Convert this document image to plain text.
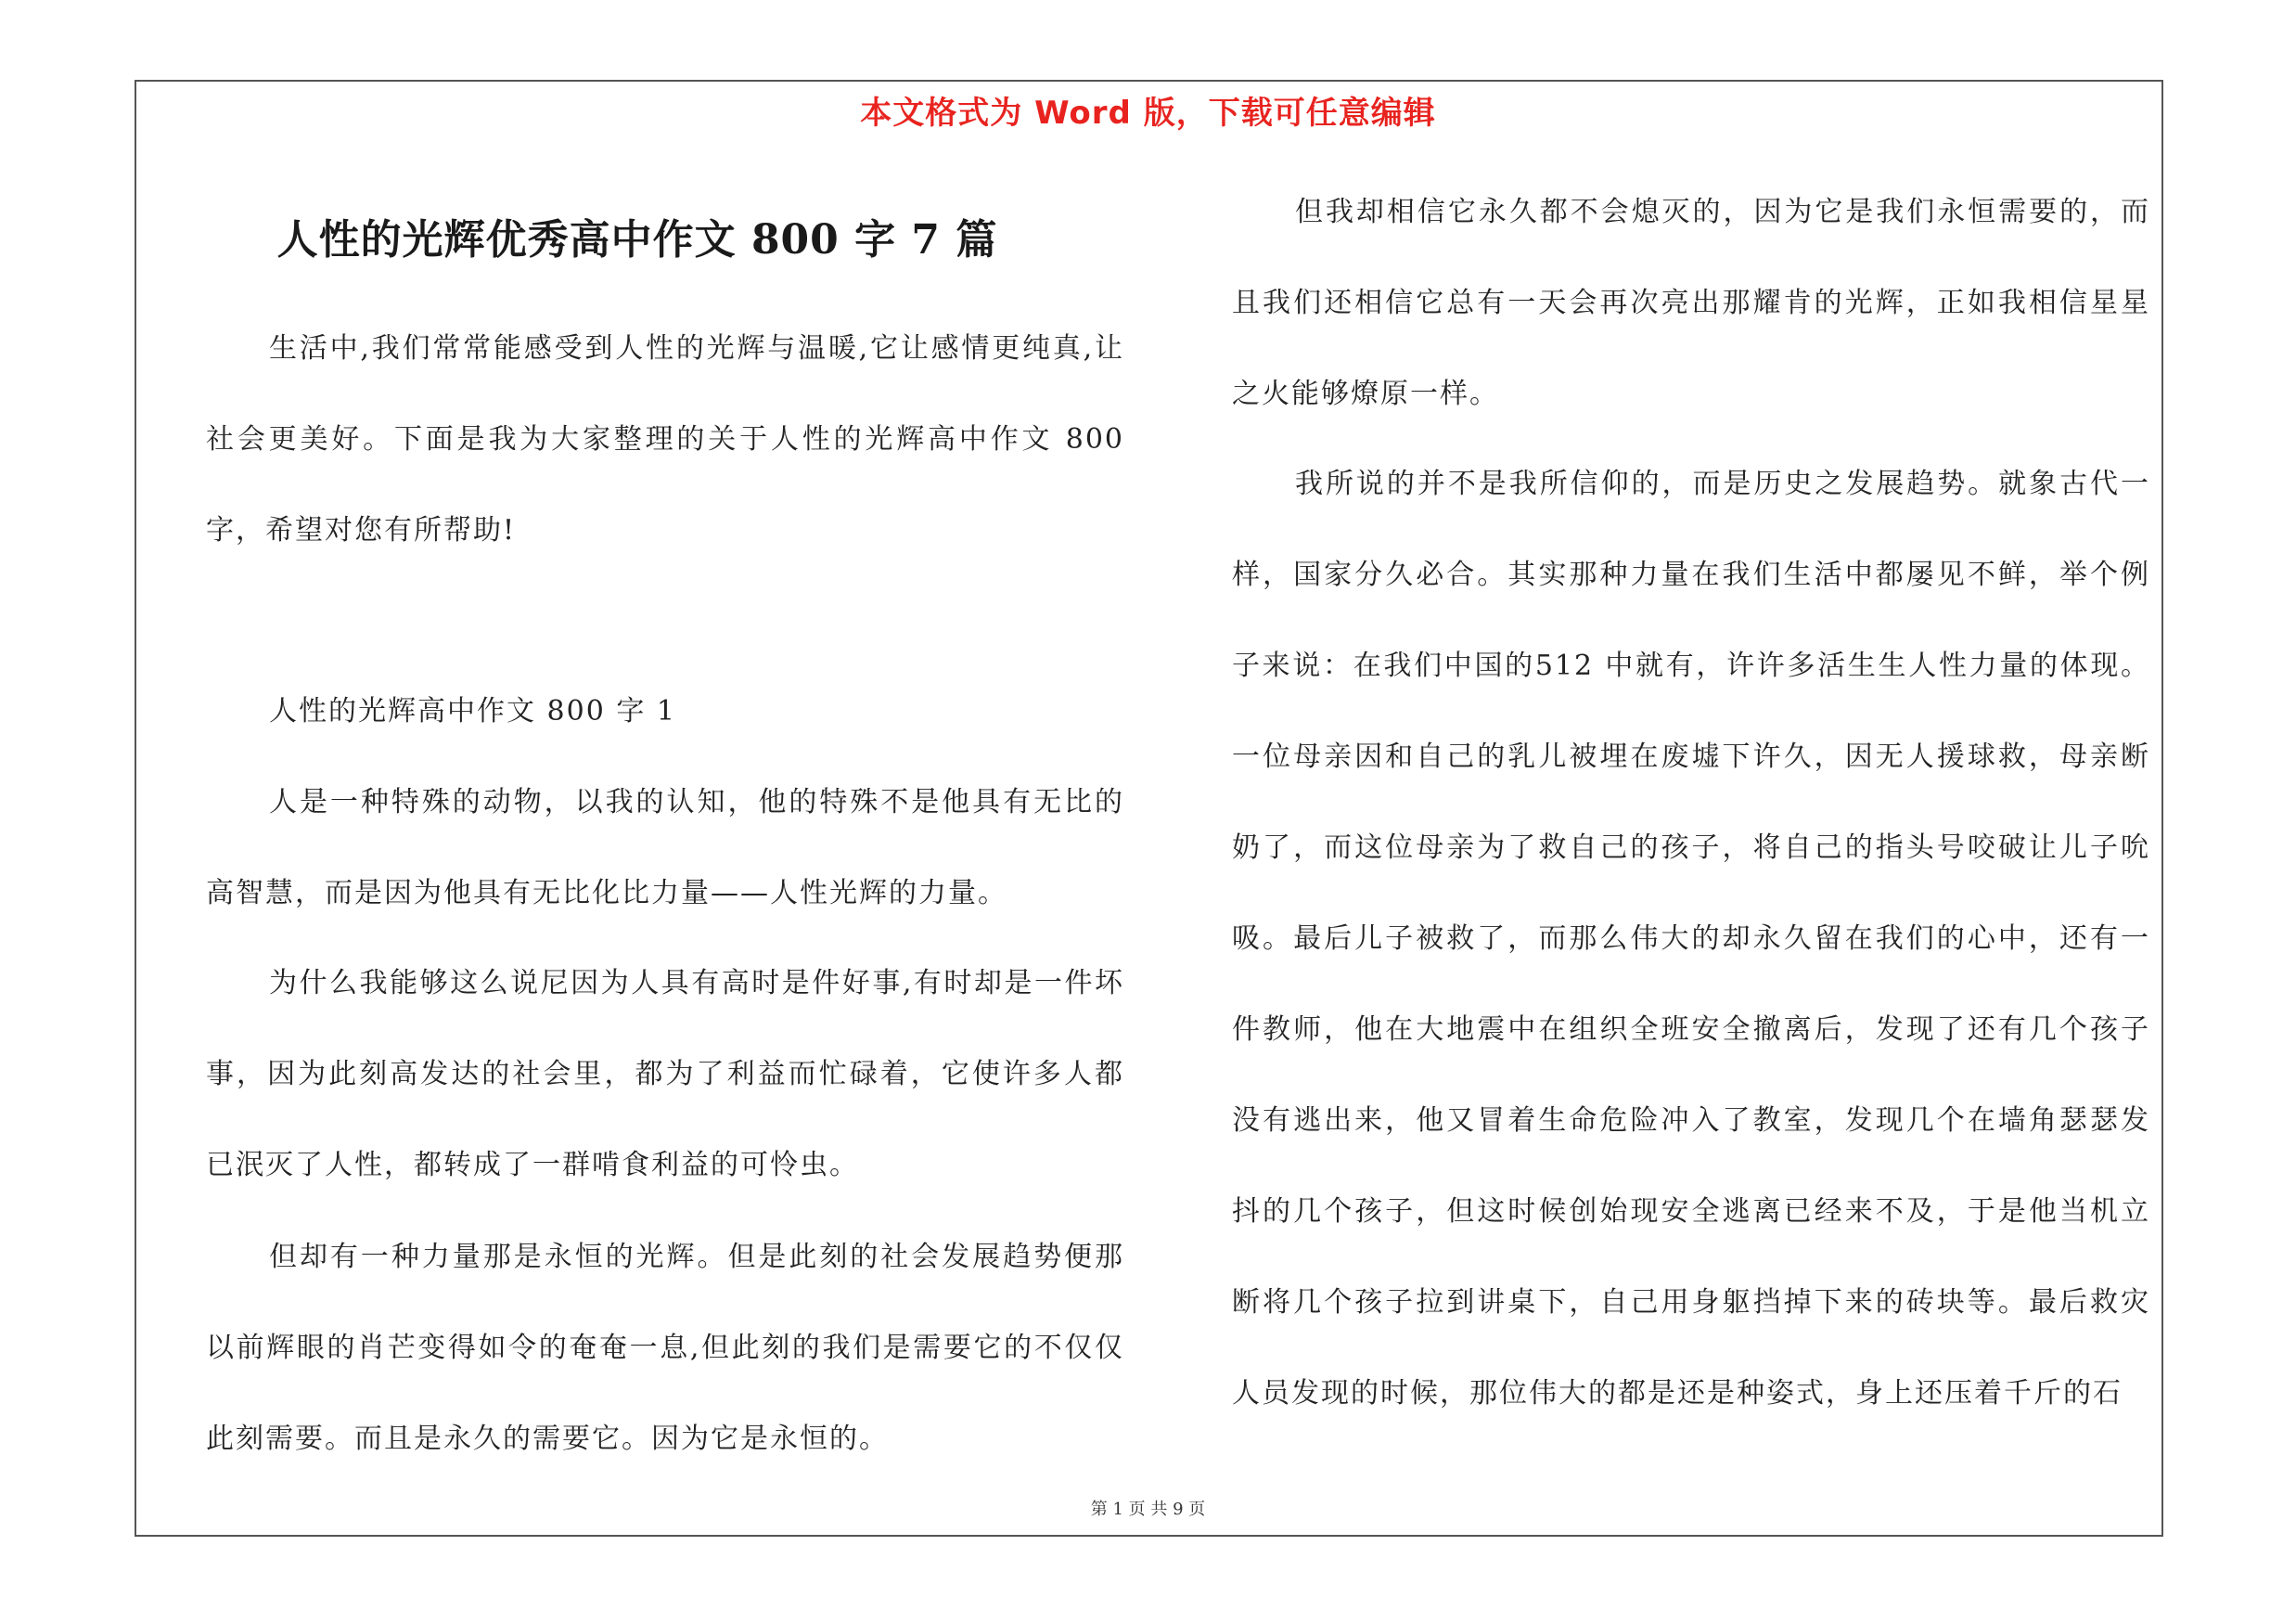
本文格式为 Word 版，下载可任意编辑
人性的光辉优秀高中作文 800 字 7 篇

生活中,我们常常能感受到人性的光辉与温暖,它让感情更纯真,让社会更美好。下面是我为大家整理的关于人性的光辉高中作文 800 字，希望对您有所帮助!

人性的光辉高中作文 800 字 1

人是一种特殊的动物，以我的认知，他的特殊不是他具有无比的高智慧，而是因为他具有无比化比力量——人性光辉的力量。

为什么我能够这么说尼因为人具有高时是件好事,有时却是一件坏事，因为此刻高发达的社会里，都为了利益而忙碌着，它使许多人都已泯灭了人性，都转成了一群啃食利益的可怜虫。

但却有一种力量那是永恒的光辉。但是此刻的社会发展趋势便那以前辉眼的肖芒变得如令的奄奄一息,但此刻的我们是需要它的不仅仅此刻需要。而且是永久的需要它。因为它是永恒的。

但我却相信它永久都不会熄灭的，因为它是我们永恒需要的，而且我们还相信它总有一天会再次亮出那耀肯的光辉，正如我相信星星之火能够燎原一样。

我所说的并不是我所信仰的，而是历史之发展趋势。就象古代一样，国家分久必合。其实那种力量在我们生活中都屡见不鲜，举个例子来说：在我们中国的512 中就有，许许多活生生人性力量的体现。一位母亲因和自己的乳儿被埋在废墟下许久，因无人援球救，母亲断奶了，而这位母亲为了救自己的孩子，将自己的指头号咬破让儿子吮吸。最后儿子被救了，而那么伟大的却永久留在我们的心中，还有一件教师，他在大地震中在组织全班安全撤离后，发现了还有几个孩子没有逃出来，他又冒着生命危险冲入了教室，发现几个在墙角瑟瑟发抖的几个孩子，但这时候创始现安全逃离已经来不及，于是他当机立断将几个孩子拉到讲桌下，自己用身躯挡掉下来的砖块等。最后救灾人员发现的时候，那位伟大的都是还是种姿式，身上还压着千斤的石

第 1 页 共 9 页
